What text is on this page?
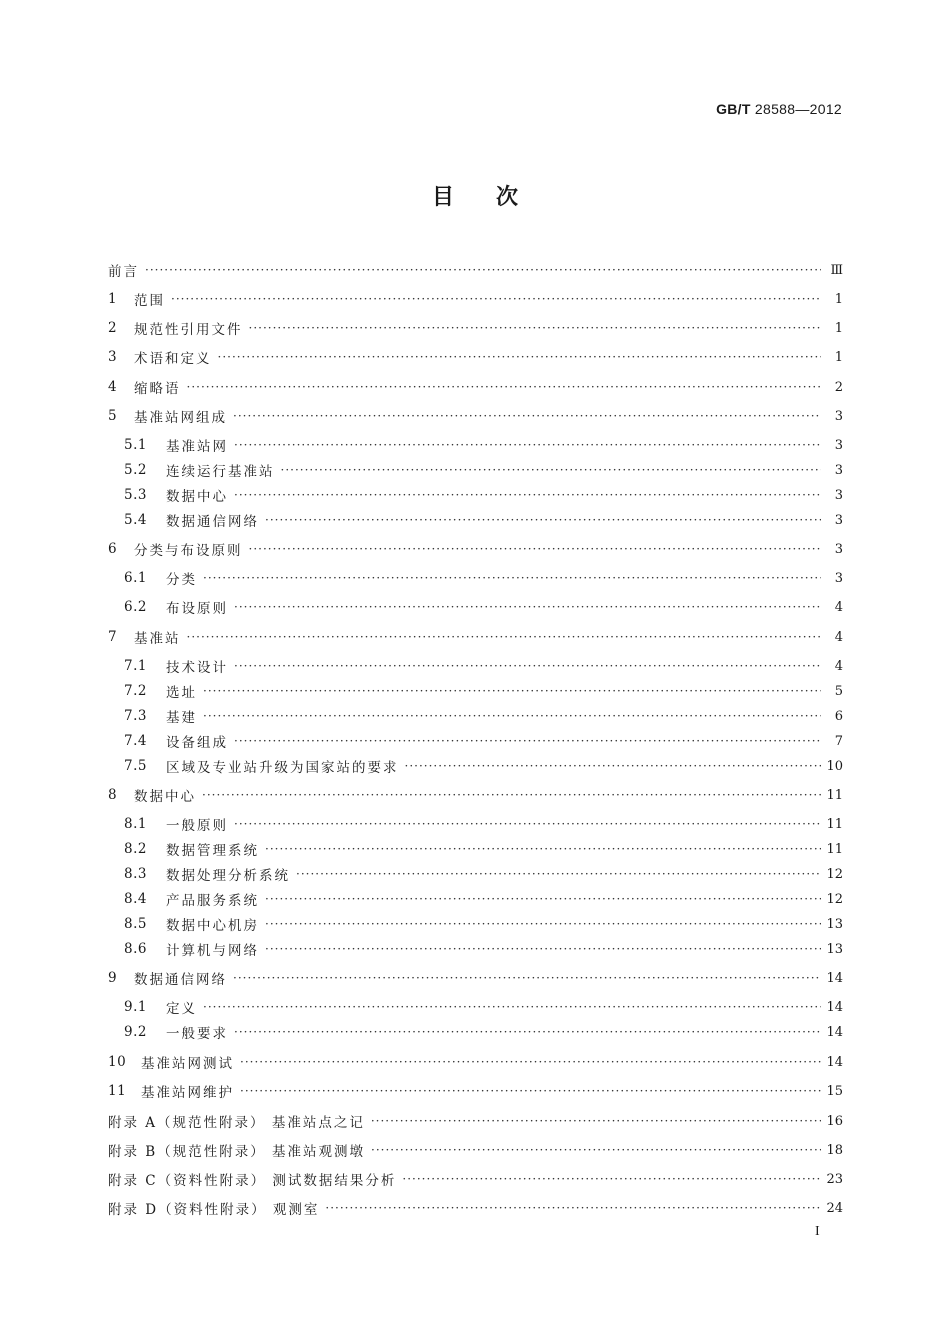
GB/T 28588—2012
目次
前言 ·····	Ⅲ
1	范围 ·····	1
2	规范性引用文件 ·····	1
3	术语和定义 ·····	1
4	缩略语 ·····	2
5	基准站网组成 ·····	3
5.1	基准站网 ·····	3
5.2	连续运行基准站 ·····	3
5.3	数据中心 ·····	3
5.4	数据通信网络 ·····	3
6	分类与布设原则 ·····	3
6.1	分类 ·····	3
6.2	布设原则 ·····	4
7	基准站 ·····	4
7.1	技术设计 ·····	4
7.2	选址 ·····	5
7.3	基建 ·····	6
7.4	设备组成 ·····	7
7.5	区域及专业站升级为国家站的要求 ·····	10
8	数据中心 ·····	11
8.1	一般原则 ·····	11
8.2	数据管理系统 ·····	11
8.3	数据处理分析系统 ·····	12
8.4	产品服务系统 ·····	12
8.5	数据中心机房 ·····	13
8.6	计算机与网络 ·····	13
9	数据通信网络 ·····	14
9.1	定义 ·····	14
9.2	一般要求 ·····	14
10	基准站网测试 ·····	14
11	基准站网维护 ·····	15
附录 A（规范性附录） 基准站点之记 ·····	16
附录 B（规范性附录） 基准站观测墩 ·····	18
附录 C（资料性附录） 测试数据结果分析 ·····	23
附录 D（资料性附录） 观测室 ·····	24
I
